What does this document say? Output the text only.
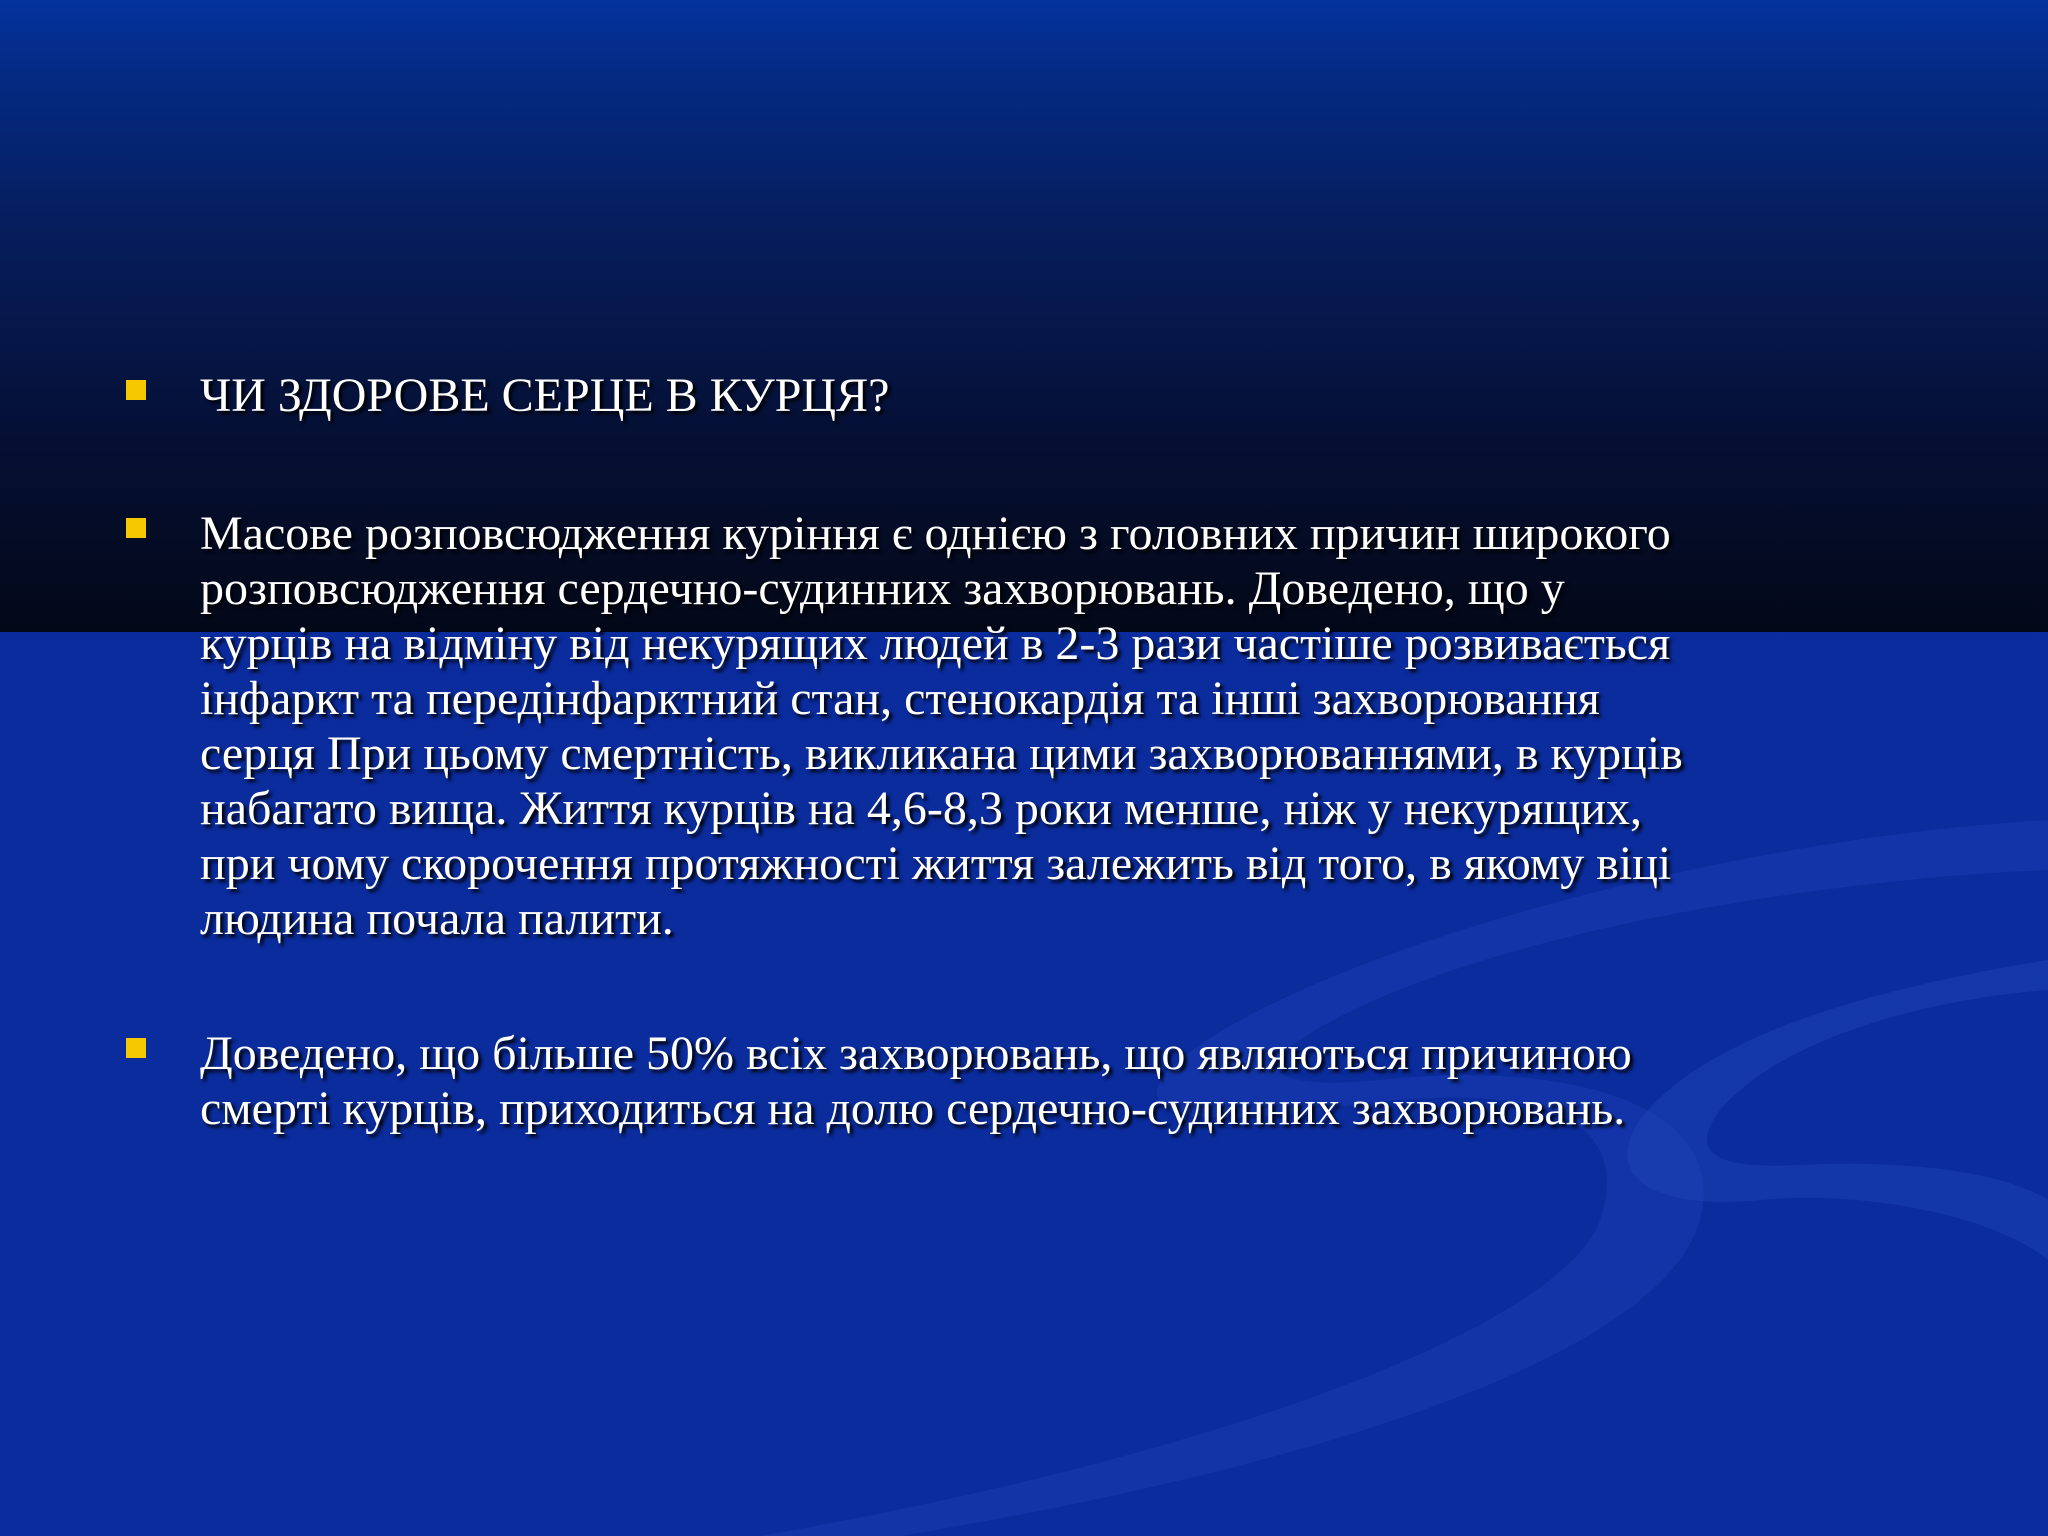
ЧИ ЗДОРОВЕ СЕРЦЕ В КУРЦЯ?
Масове розповсюдження куріння є однією з головних причин широкого
розповсюдження сердечно-судинних захворювань. Доведено, що у
курців на відміну від некурящих людей в 2-3 рази частіше розвивається
інфаркт та передінфарктний стан, стенокардія та інші захворювання
серця При цьому смертність, викликана цими захворюваннями, в курців
набагато вища. Життя курців на 4,6-8,3 роки менше, ніж у некурящих,
при чому скорочення протяжності життя залежить від того, в якому віці
людина почала палити.
Доведено, що більше 50% всіх захворювань, що являються причиною
смерті курців, приходиться на долю сердечно-судинних захворювань.
